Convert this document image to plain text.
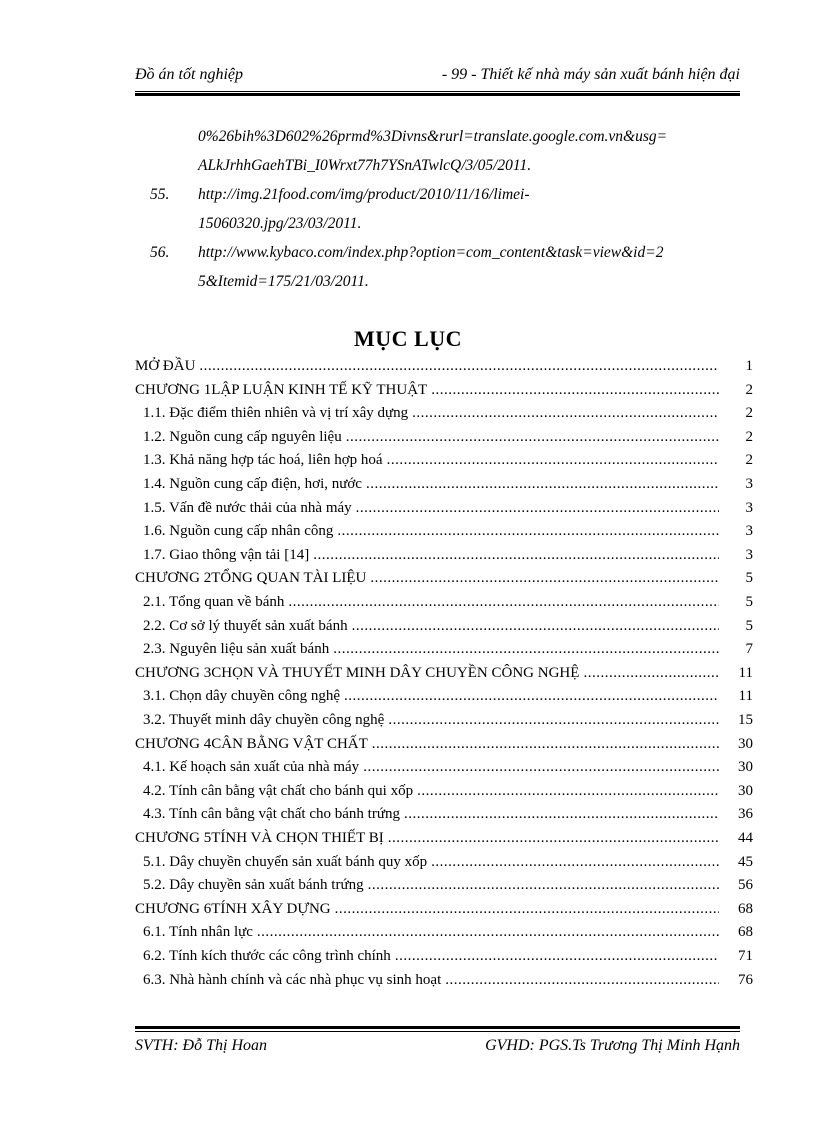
Đồ án tốt nghiệp	- 99 - Thiết kế nhà máy sản xuất bánh hiện đại
0%26bih%3D602%26prmd%3Divns&rurl=translate.google.com.vn&usg=
ALkJrhhGaehTBi_I0Wrxt77h7YSnATwlcQ/3/05/2011.
55. http://img.21food.com/img/product/2010/11/16/limei-
15060320.jpg/23/03/2011.
56. http://www.kybaco.com/index.php?option=com_content&task=view&id=2
5&Itemid=175/21/03/2011.
MỤC LỤC
MỞ ĐẦU .....	1
CHƯƠNG 1 LẬP LUẬN KINH TẾ KỸ THUẬT .....	2
1.1. Đặc điểm thiên nhiên và vị trí xây dựng .....	2
1.2. Nguồn cung cấp nguyên liệu .....	2
1.3. Khả năng hợp tác hoá, liên hợp hoá .....	2
1.4. Nguồn cung cấp điện, hơi, nước .....	3
1.5. Vấn đề nước thải của nhà máy .....	3
1.6. Nguồn cung cấp nhân công .....	3
1.7. Giao thông vận tải [14] .....	3
CHƯƠNG 2 TỔNG QUAN TÀI LIỆU .....	5
2.1. Tổng quan về bánh .....	5
2.2. Cơ sở lý thuyết sản xuất bánh .....	5
2.3. Nguyên liệu sản xuất bánh .....	7
CHƯƠNG 3 CHỌN VÀ THUYẾT MINH DÂY CHUYỀN CÔNG NGHỆ .....	11
3.1. Chọn dây chuyền công nghệ .....	11
3.2. Thuyết minh dây chuyền công nghệ .....	15
CHƯƠNG 4 CÂN BẰNG VẬT CHẤT .....	30
4.1. Kế hoạch sản xuất của nhà máy .....	30
4.2. Tính cân bằng vật chất cho bánh qui xốp .....	30
4.3. Tính cân bằng vật chất cho bánh trứng .....	36
CHƯƠNG 5 TÍNH VÀ CHỌN THIẾT BỊ .....	44
5.1. Dây chuyền chuyển sản xuất bánh quy xốp .....	45
5.2. Dây chuyền sản xuất bánh trứng .....	56
CHƯƠNG 6 TÍNH XÂY DỰNG .....	68
6.1. Tính nhân lực .....	68
6.2. Tính kích thước các công trình chính .....	71
6.3. Nhà hành chính và các nhà phục vụ sinh hoạt .....	76
SVTH: Đỗ Thị Hoan	GVHD: PGS.Ts Trương Thị Minh Hạnh
